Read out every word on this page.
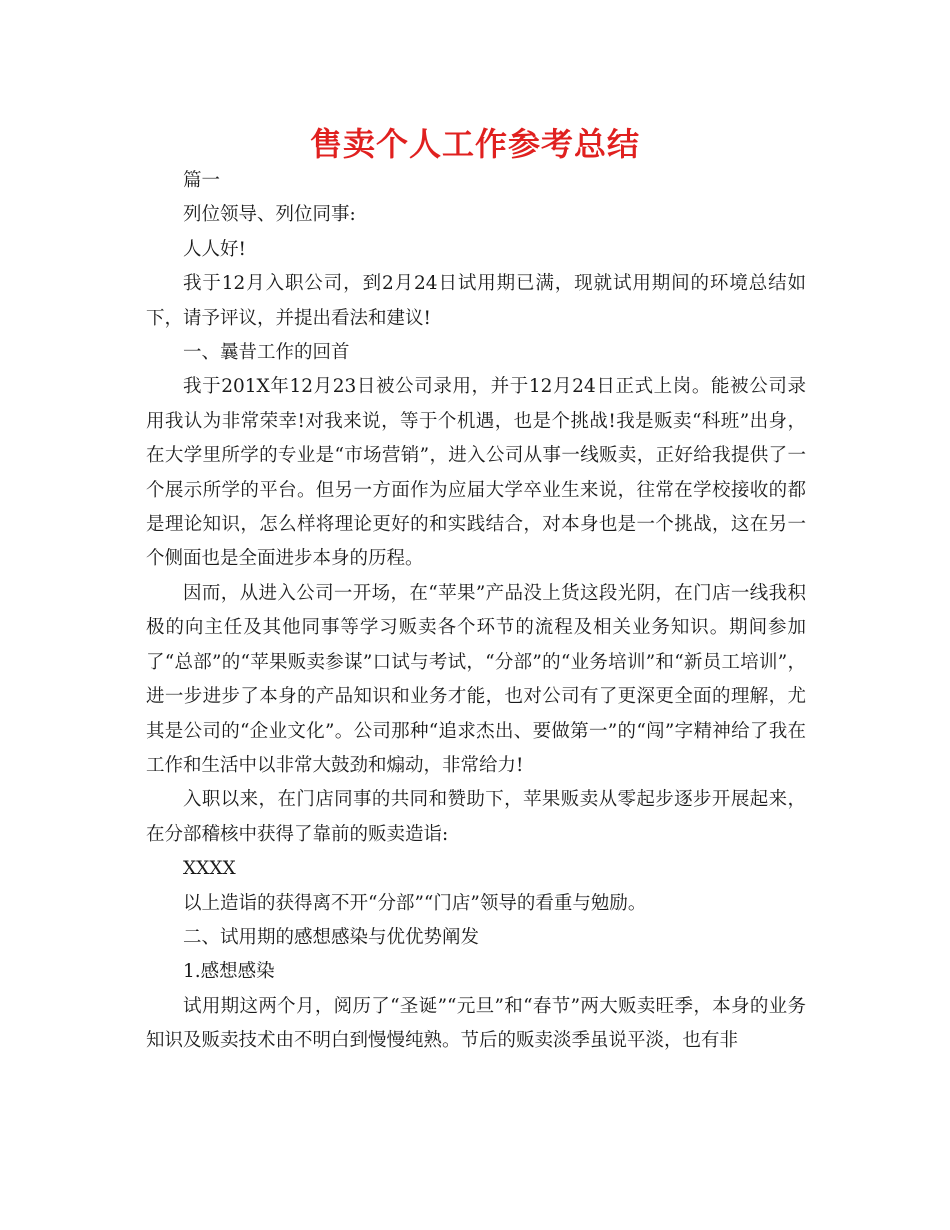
售卖个人工作参考总结

篇一

列位领导、列位同事:

人人好!

我于12月入职公司，到2月24日试用期已满，现就试用期间的环境总结如下，请予评议，并提出看法和建议!

一、曩昔工作的回首

我于201X年12月23日被公司录用，并于12月24日正式上岗。能被公司录用我认为非常荣幸!对我来说，等于个机遇，也是个挑战!我是贩卖“科班”出身，在大学里所学的专业是“市场营销”，进入公司从事一线贩卖，正好给我提供了一个展示所学的平台。但另一方面作为应届大学卒业生来说，往常在学校接收的都是理论知识，怎么样将理论更好的和实践结合，对本身也是一个挑战，这在另一个侧面也是全面进步本身的历程。

因而，从进入公司一开场，在“苹果”产品没上货这段光阴，在门店一线我积极的向主任及其他同事等学习贩卖各个环节的流程及相关业务知识。期间参加了“总部”的“苹果贩卖参谋”口试与考试，“分部”的“业务培训”和“新员工培训”，进一步进步了本身的产品知识和业务才能，也对公司有了更深更全面的理解，尤其是公司的“企业文化”。公司那种“追求杰出、要做第一”的“闯”字精神给了我在工作和生活中以非常大鼓劲和煽动，非常给力!

入职以来，在门店同事的共同和赞助下，苹果贩卖从零起步逐步开展起来，在分部稽核中获得了靠前的贩卖造诣:

XXXX

以上造诣的获得离不开“分部”“门店”领导的看重与勉励。

二、试用期的感想感染与优优势阐发

1.感想感染

试用期这两个月，阅历了“圣诞”“元旦”和“春节”两大贩卖旺季，本身的业务知识及贩卖技术由不明白到慢慢纯熟。节后的贩卖淡季虽说平淡，也有非
